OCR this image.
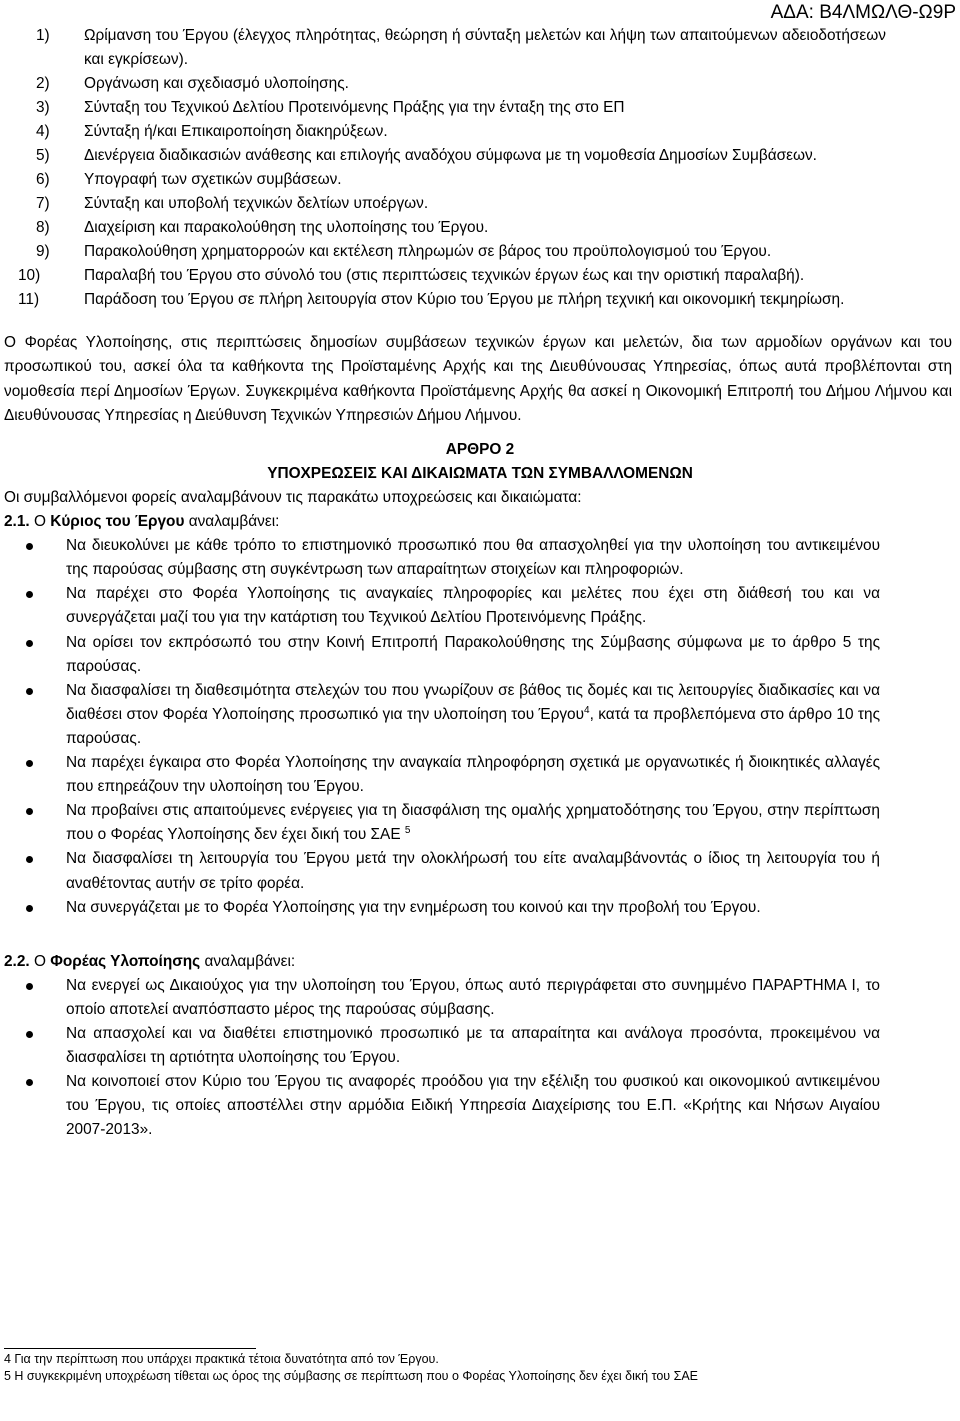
ΑΔΑ: Β4ΛΜΩΛΘ-Ω9Ρ
1) Ωρίμανση του Έργου (έλεγχος πληρότητας, θεώρηση ή σύνταξη μελετών και λήψη των απαιτούμενων αδειοδοτήσεων και εγκρίσεων).
2) Οργάνωση και σχεδιασμό υλοποίησης.
3) Σύνταξη του Τεχνικού Δελτίου Προτεινόμενης Πράξης για την ένταξη της στο ΕΠ
4) Σύνταξη ή/και Επικαιροποίηση διακηρύξεων.
5) Διενέργεια διαδικασιών ανάθεσης και επιλογής αναδόχου σύμφωνα με τη νομοθεσία Δημοσίων Συμβάσεων.
6) Υπογραφή των σχετικών συμβάσεων.
7) Σύνταξη και υποβολή τεχνικών δελτίων υποέργων.
8) Διαχείριση και παρακολούθηση της υλοποίησης του Έργου.
9) Παρακολούθηση χρηματορροών και εκτέλεση πληρωμών σε βάρος του προϋπολογισμού του Έργου.
10)	Παραλαβή του Έργου στο σύνολό του (στις περιπτώσεις τεχνικών έργων έως και την οριστική παραλαβή).
11)	Παράδοση του Έργου σε πλήρη λειτουργία στον Κύριο του Έργου με πλήρη τεχνική και οικονομική τεκμηρίωση.

Ο Φορέας Υλοποίησης, στις περιπτώσεις δημοσίων συμβάσεων τεχνικών έργων και μελετών, δια των αρμοδίων οργάνων και του προσωπικού του, ασκεί όλα τα καθήκοντα της Προϊσταμένης Αρχής και της Διευθύνουσας Υπηρεσίας, όπως αυτά προβλέπονται στη νομοθεσία περί Δημοσίων Έργων. Συγκεκριμένα καθήκοντα Προϊστάμενης Αρχής θα ασκεί η Οικονομική Επιτροπή του Δήμου Λήμνου και Διευθύνουσας Υπηρεσίας η Διεύθυνση Τεχνικών Υπηρεσιών Δήμου Λήμνου.

ΑΡΘΡΟ 2

ΥΠΟΧΡΕΩΣΕΙΣ ΚΑΙ ΔΙΚΑΙΩΜΑΤΑ ΤΩΝ ΣΥΜΒΑΛΛΟΜΕΝΩΝ

Οι συμβαλλόμενοι φορείς αναλαμβάνουν τις παρακάτω υποχρεώσεις και δικαιώματα:

2.1. Ο Κύριος του Έργου αναλαμβάνει:

Να διευκολύνει με κάθε τρόπο το επιστημονικό προσωπικό που θα απασχοληθεί για την υλοποίηση του αντικειμένου της παρούσας σύμβασης στη συγκέντρωση των απαραίτητων στοιχείων και πληροφοριών.
Να παρέχει στο Φορέα Υλοποίησης τις αναγκαίες πληροφορίες και μελέτες που έχει στη διάθεσή του και να συνεργάζεται μαζί του για την κατάρτιση του Τεχνικού Δελτίου Προτεινόμενης Πράξης.
Να ορίσει τον εκπρόσωπό του στην Κοινή Επιτροπή Παρακολούθησης της Σύμβασης σύμφωνα με το άρθρο 5 της παρούσας.
Να διασφαλίσει τη διαθεσιμότητα στελεχών του που γνωρίζουν σε βάθος τις δομές και τις λειτουργίες διαδικασίες και να διαθέσει στον Φορέα Υλοποίησης προσωπικό για την υλοποίηση του Έργου$^4$, κατά τα προβλεπόμενα στο άρθρο 10 της παρούσας.
Να παρέχει έγκαιρα στο Φορέα Υλοποίησης την αναγκαία πληροφόρηση σχετικά με οργανωτικές ή διοικητικές αλλαγές που επηρεάζουν την υλοποίηση του Έργου.
Να προβαίνει στις απαιτούμενες ενέργειες για τη διασφάλιση της ομαλής χρηματοδότησης του Έργου, στην περίπτωση που ο Φορέας Υλοποίησης δεν έχει δική του ΣΑΕ $^5$
Να διασφαλίσει τη λειτουργία του Έργου μετά την ολοκλήρωσή του είτε αναλαμβάνοντάς ο ίδιος τη λειτουργία του ή αναθέτοντας αυτήν σε τρίτο φορέα.
Να συνεργάζεται με το Φορέα Υλοποίησης για την ενημέρωση του κοινού και την προβολή του Έργου.

2.2. Ο Φορέας Υλοποίησης αναλαμβάνει:

Να ενεργεί ως Δικαιούχος για την υλοποίηση του Έργου, όπως αυτό περιγράφεται στο συνημμένο ΠΑΡΑΡΤΗΜΑ Ι, το οποίο αποτελεί αναπόσπαστο μέρος της παρούσας σύμβασης.
Να απασχολεί και να διαθέτει επιστημονικό προσωπικό με τα απαραίτητα και ανάλογα προσόντα, προκειμένου να διασφαλίσει τη αρτιότητα υλοποίησης του Έργου.
Να κοινοποιεί στον Κύριο του Έργου τις αναφορές προόδου για την εξέλιξη του φυσικού και οικονομικού αντικειμένου του Έργου, τις οποίες αποστέλλει στην αρμόδια Ειδική Υπηρεσία Διαχείρισης του Ε.Π. «Κρήτης και Νήσων Αιγαίου 2007-2013».
4 Για την περίπτωση που υπάρχει πρακτικά τέτοια δυνατότητα από τον Έργου.
5 Η συγκεκριμένη υποχρέωση τίθεται ως όρος της σύμβασης σε περίπτωση που ο Φορέας Υλοποίησης δεν έχει δική του ΣΑΕ
